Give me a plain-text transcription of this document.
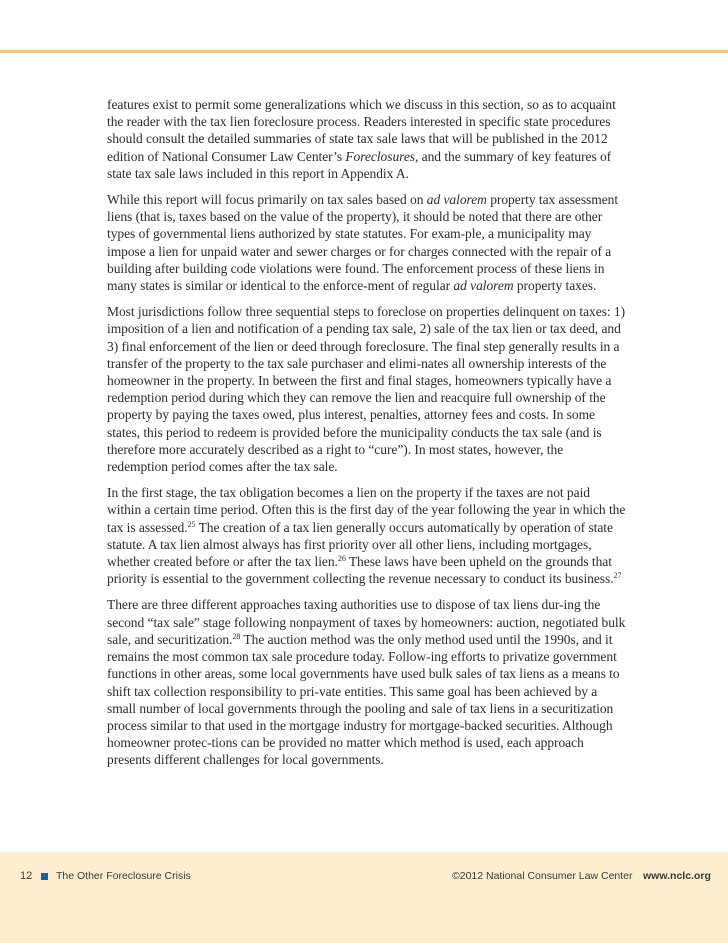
features exist to permit some generalizations which we discuss in this section, so as to acquaint the reader with the tax lien foreclosure process. Readers interested in specific state procedures should consult the detailed summaries of state tax sale laws that will be published in the 2012 edition of National Consumer Law Center’s Foreclosures, and the summary of key features of state tax sale laws included in this report in Appendix A.

While this report will focus primarily on tax sales based on ad valorem property tax assessment liens (that is, taxes based on the value of the property), it should be noted that there are other types of governmental liens authorized by state statutes. For exam-ple, a municipality may impose a lien for unpaid water and sewer charges or for charges connected with the repair of a building after building code violations were found. The enforcement process of these liens in many states is similar or identical to the enforce-ment of regular ad valorem property taxes.

Most jurisdictions follow three sequential steps to foreclose on properties delinquent on taxes: 1) imposition of a lien and notification of a pending tax sale, 2) sale of the tax lien or tax deed, and 3) final enforcement of the lien or deed through foreclosure. The final step generally results in a transfer of the property to the tax sale purchaser and elimi-nates all ownership interests of the homeowner in the property. In between the first and final stages, homeowners typically have a redemption period during which they can remove the lien and reacquire full ownership of the property by paying the taxes owed, plus interest, penalties, attorney fees and costs. In some states, this period to redeem is provided before the municipality conducts the tax sale (and is therefore more accurately described as a right to “cure”). In most states, however, the redemption period comes after the tax sale.

In the first stage, the tax obligation becomes a lien on the property if the taxes are not paid within a certain time period. Often this is the first day of the year following the year in which the tax is assessed.$^{25}$ The creation of a tax lien generally occurs automatically by operation of state statute. A tax lien almost always has first priority over all other liens, including mortgages, whether created before or after the tax lien.$^{26}$ These laws have been upheld on the grounds that priority is essential to the government collecting the revenue necessary to conduct its business.$^{27}$

There are three different approaches taxing authorities use to dispose of tax liens dur-ing the second “tax sale” stage following nonpayment of taxes by homeowners: auction, negotiated bulk sale, and securitization.$^{28}$ The auction method was the only method used until the 1990s, and it remains the most common tax sale procedure today. Follow-ing efforts to privatize government functions in other areas, some local governments have used bulk sales of tax liens as a means to shift tax collection responsibility to pri-vate entities. This same goal has been achieved by a small number of local governments through the pooling and sale of tax liens in a securitization process similar to that used in the mortgage industry for mortgage-backed securities. Although homeowner protec-tions can be provided no matter which method is used, each approach presents different challenges for local governments.

12 The Other Foreclosure Crisis	©2012 National Consumer Law Center www.nclc.org
